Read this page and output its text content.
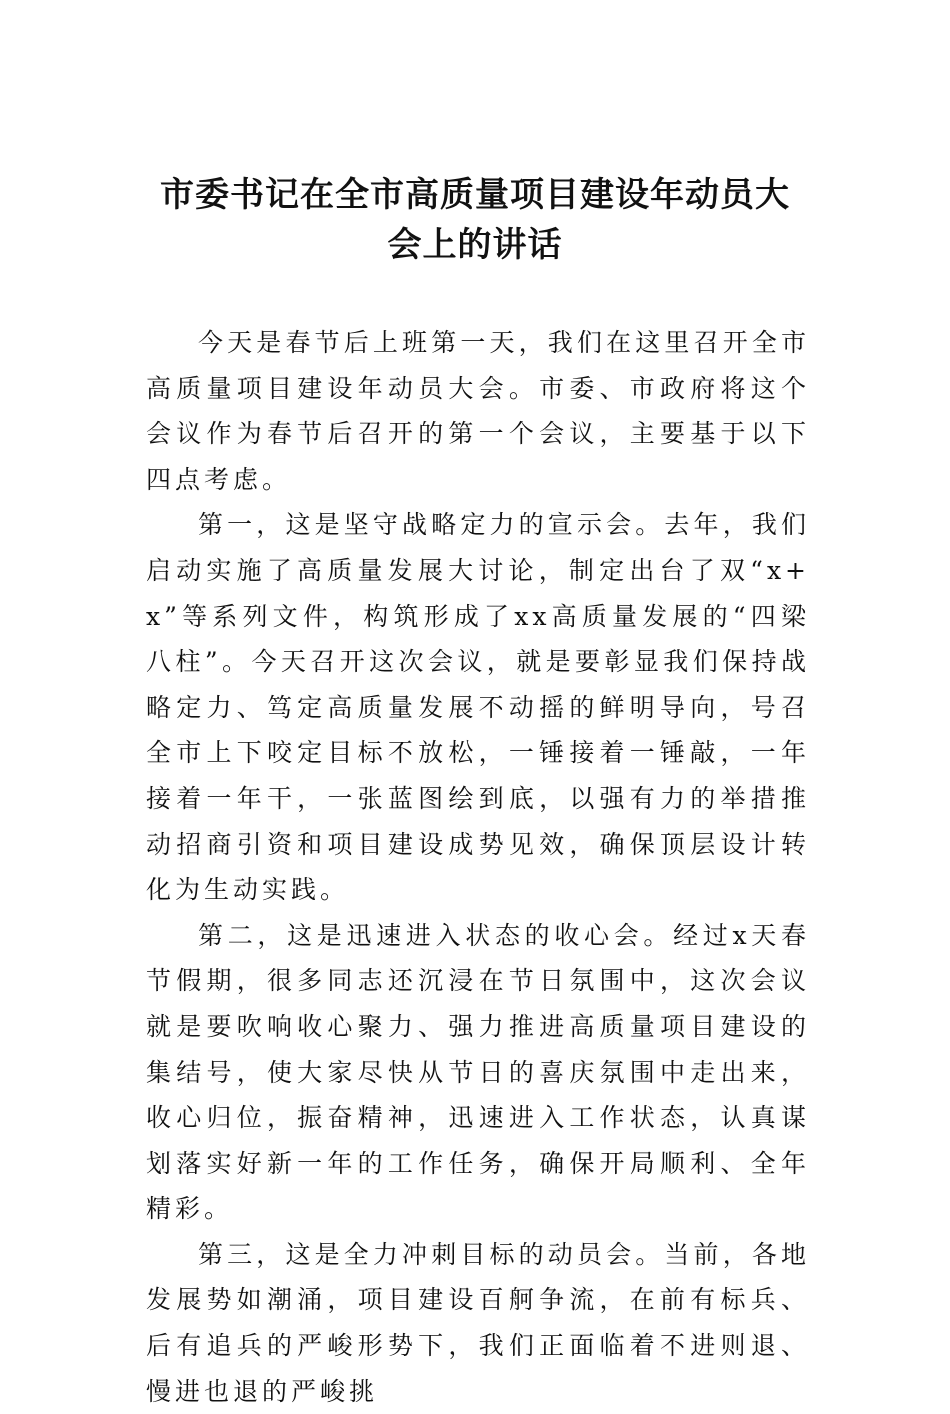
市委书记在全市高质量项目建设年动员大
会上的讲话

今天是春节后上班第一天，我们在这里召开全市高质量项目建设年动员大会。市委、市政府将这个会议作为春节后召开的第一个会议，主要基于以下四点考虑。

第一，这是坚守战略定力的宣示会。去年，我们启动实施了高质量发展大讨论，制定出台了双“x+x”等系列文件，构筑形成了xx高质量发展的“四梁八柱”。今天召开这次会议，就是要彰显我们保持战略定力、笃定高质量发展不动摇的鲜明导向，号召全市上下咬定目标不放松，一锤接着一锤敲，一年接着一年干，一张蓝图绘到底，以强有力的举措推动招商引资和项目建设成势见效，确保顶层设计转化为生动实践。

第二，这是迅速进入状态的收心会。经过x天春节假期，很多同志还沉浸在节日氛围中，这次会议就是要吹响收心聚力、强力推进高质量项目建设的集结号，使大家尽快从节日的喜庆氛围中走出来，收心归位，振奋精神，迅速进入工作状态，认真谋划落实好新一年的工作任务，确保开局顺利、全年精彩。

第三，这是全力冲刺目标的动员会。当前，各地发展势如潮涌，项目建设百舸争流，在前有标兵、后有追兵的严峻形势下，我们正面临着不进则退、慢进也退的严峻挑
